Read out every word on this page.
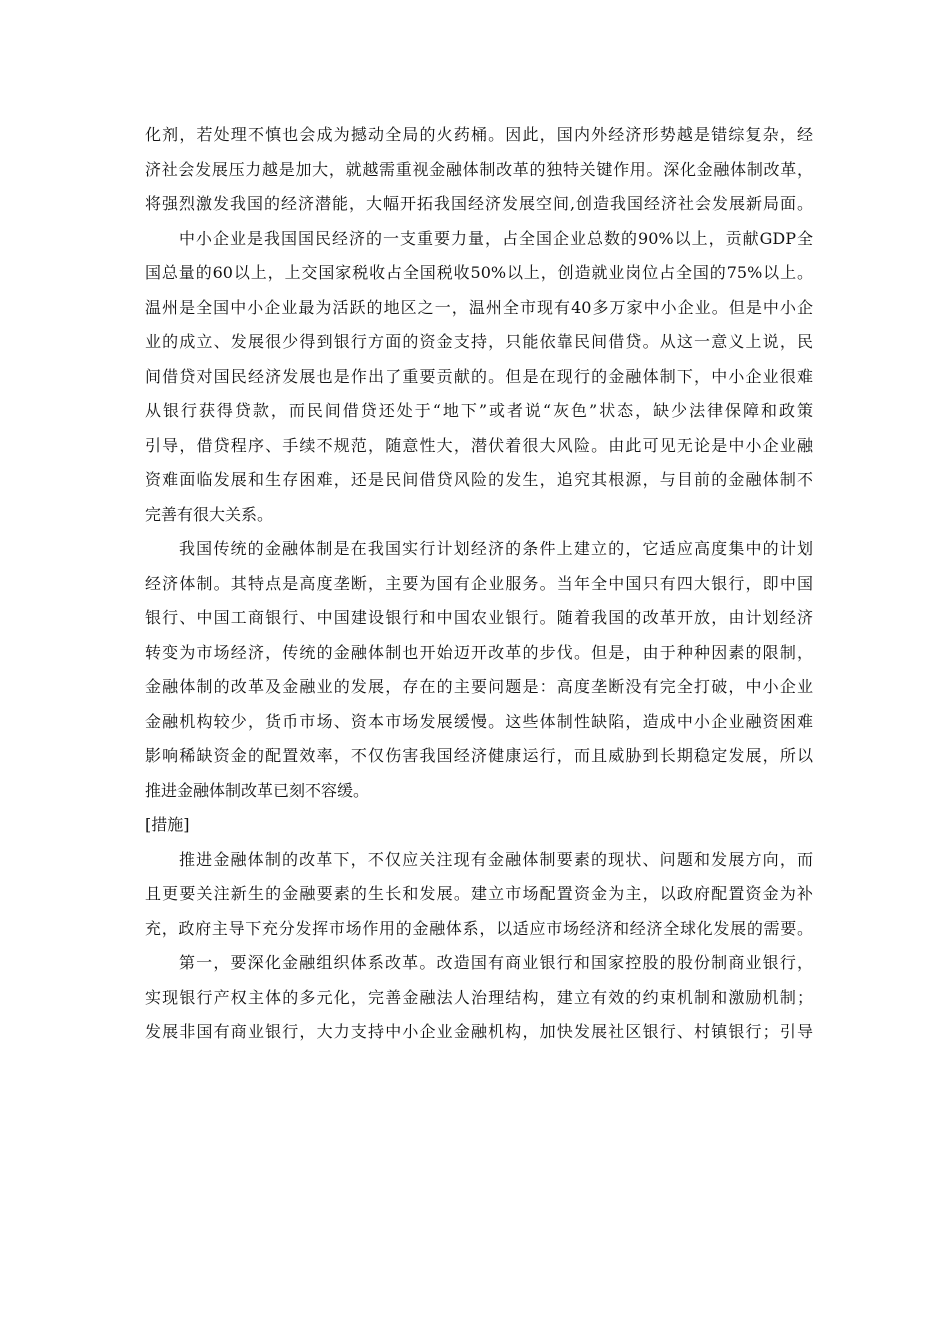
化剂，若处理不慎也会成为撼动全局的火药桶。因此，国内外经济形势越是错综复杂，经
济社会发展压力越是加大，就越需重视金融体制改革的独特关键作用。深化金融体制改革，
将强烈激发我国的经济潜能，大幅开拓我国经济发展空间,创造我国经济社会发展新局面。
中小企业是我国国民经济的一支重要力量，占全国企业总数的90%以上，贡献GDP全
国总量的60以上，上交国家税收占全国税收50%以上，创造就业岗位占全国的75%以上。
温州是全国中小企业最为活跃的地区之一，温州全市现有40多万家中小企业。但是中小企
业的成立、发展很少得到银行方面的资金支持，只能依靠民间借贷。从这一意义上说，民
间借贷对国民经济发展也是作出了重要贡献的。但是在现行的金融体制下，中小企业很难
从银行获得贷款，而民间借贷还处于“地下”或者说“灰色”状态，缺少法律保障和政策
引导，借贷程序、手续不规范，随意性大，潜伏着很大风险。由此可见无论是中小企业融
资难面临发展和生存困难，还是民间借贷风险的发生，追究其根源，与目前的金融体制不
完善有很大关系。
我国传统的金融体制是在我国实行计划经济的条件上建立的，它适应高度集中的计划
经济体制。其特点是高度垄断，主要为国有企业服务。当年全中国只有四大银行，即中国
银行、中国工商银行、中国建设银行和中国农业银行。随着我国的改革开放，由计划经济
转变为市场经济，传统的金融体制也开始迈开改革的步伐。但是，由于种种因素的限制，
金融体制的改革及金融业的发展，存在的主要问题是：高度垄断没有完全打破，中小企业
金融机构较少，货币市场、资本市场发展缓慢。这些体制性缺陷，造成中小企业融资困难
影响稀缺资金的配置效率，不仅伤害我国经济健康运行，而且威胁到长期稳定发展，所以
推进金融体制改革已刻不容缓。
[措施]
推进金融体制的改革下，不仅应关注现有金融体制要素的现状、问题和发展方向，而
且更要关注新生的金融要素的生长和发展。建立市场配置资金为主，以政府配置资金为补
充，政府主导下充分发挥市场作用的金融体系，以适应市场经济和经济全球化发展的需要。
第一，要深化金融组织体系改革。改造国有商业银行和国家控股的股份制商业银行，
实现银行产权主体的多元化，完善金融法人治理结构，建立有效的约束机制和激励机制；
发展非国有商业银行，大力支持中小企业金融机构，加快发展社区银行、村镇银行；引导
